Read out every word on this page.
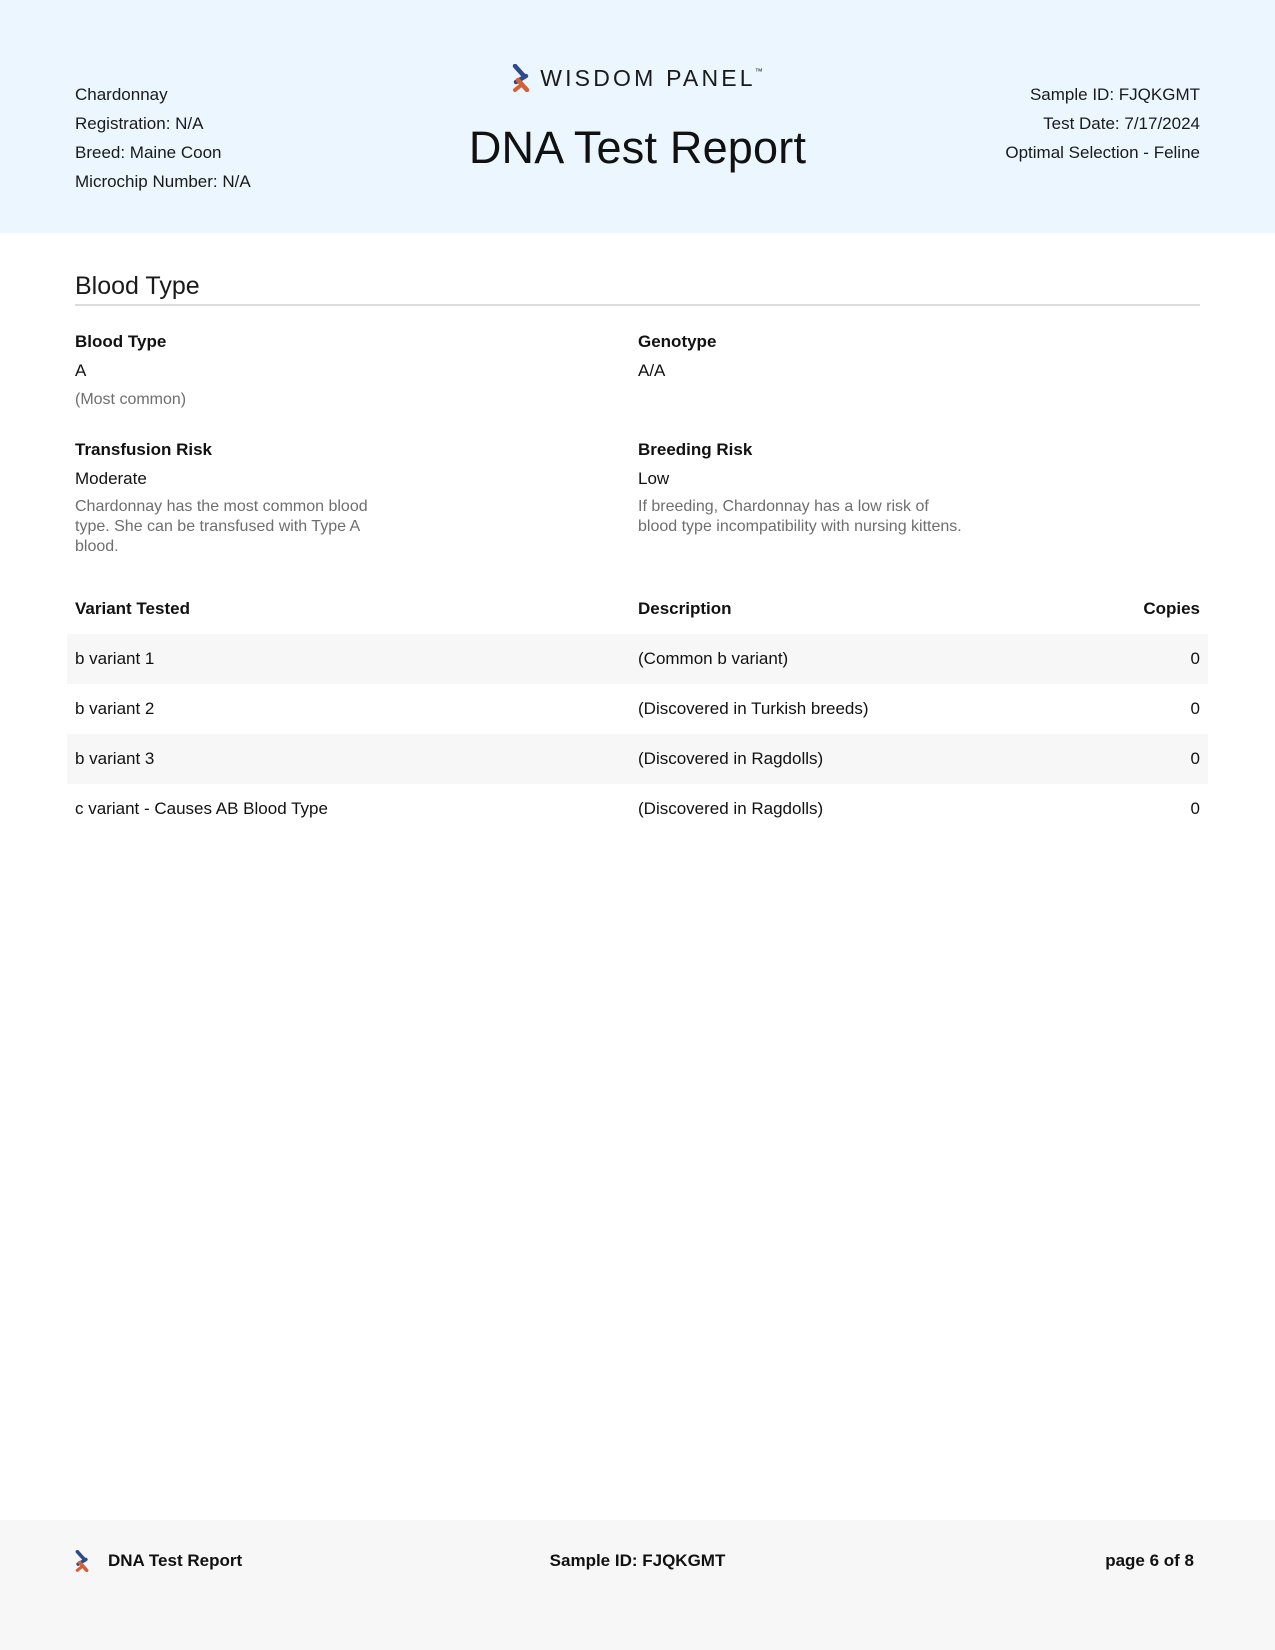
Chardonnay
Registration: N/A
Breed: Maine Coon
Microchip Number: N/A
WISDOM PANEL ™
DNA Test Report
Sample ID: FJQKGMT
Test Date: 7/17/2024
Optimal Selection - Feline
Blood Type
Blood Type
A
(Most common)
Genotype
A/A
Transfusion Risk
Moderate
Chardonnay has the most common blood type. She can be transfused with Type A blood.
Breeding Risk
Low
If breeding, Chardonnay has a low risk of blood type incompatibility with nursing kittens.
Variant Tested	Description	Copies
b variant 1	(Common b variant)	0
b variant 2	(Discovered in Turkish breeds)	0
b variant 3	(Discovered in Ragdolls)	0
c variant - Causes AB Blood Type	(Discovered in Ragdolls)	0
DNA Test Report	Sample ID: FJQKGMT	page 6 of 8
